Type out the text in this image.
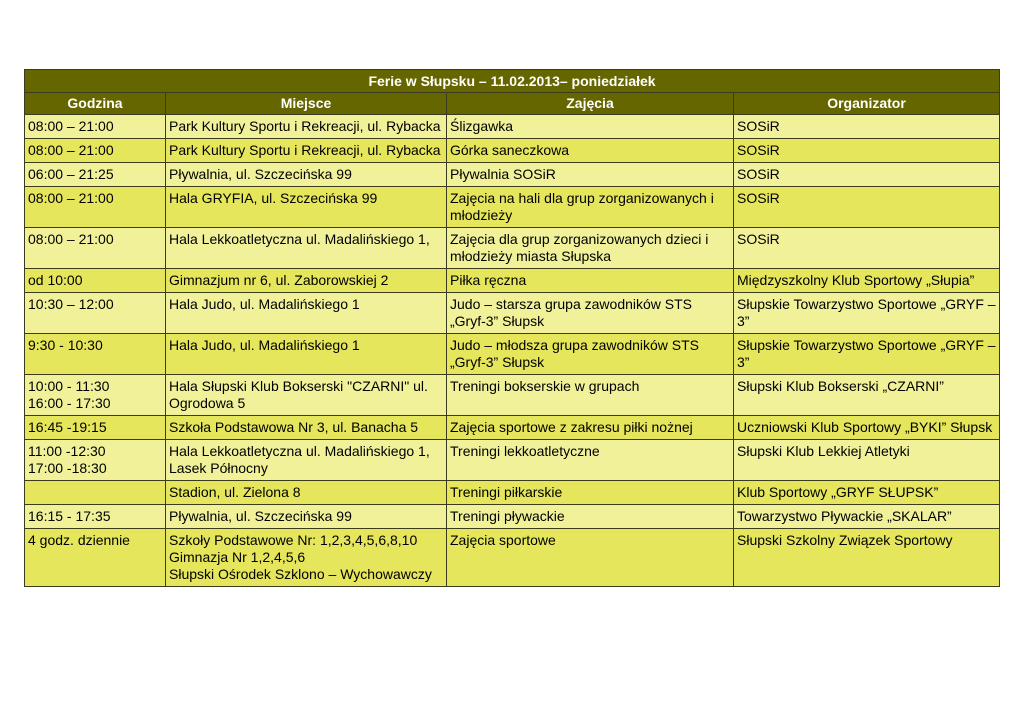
Ferie w Słupsku – 11.02.2013– poniedziałek			
Godzina	Miejsce	Zajęcia	Organizator

08:00 – 21:00	Park Kultury Sportu i Rekreacji, ul. Rybacka	Ślizgawka	SOSiR

08:00 – 21:00	Park Kultury Sportu i Rekreacji, ul. Rybacka	Górka saneczkowa	SOSiR

06:00 – 21:25	Pływalnia, ul. Szczecińska 99	Pływalnia SOSiR	SOSiR

08:00 – 21:00	Hala GRYFIA, ul. Szczecińska 99	Zajęcia na hali dla grup zorganizowanych i młodzieży	SOSiR

08:00 – 21:00	Hala Lekkoatletyczna ul. Madalińskiego 1,	Zajęcia dla grup zorganizowanych dzieci i młodzieży miasta Słupska	SOSiR

od 10:00	Gimnazjum nr 6, ul. Zaborowskiej 2	Piłka ręczna	Międzyszkolny Klub Sportowy „Słupia”

10:30 – 12:00	Hala Judo, ul. Madalińskiego 1	Judo – starsza grupa zawodników STS „Gryf-3” Słupsk	Słupskie Towarzystwo Sportowe „GRYF – 3”

9:30 - 10:30	Hala Judo, ul. Madalińskiego 1	Judo – młodsza grupa zawodników STS „Gryf-3” Słupsk	Słupskie Towarzystwo Sportowe „GRYF – 3”

10:00 - 11:30
16:00 - 17:30	Hala Słupski Klub Bokserski "CZARNI" ul. Ogrodowa 5	Treningi bokserskie w grupach	Słupski Klub Bokserski „CZARNI”

16:45 -19:15	Szkoła Podstawowa Nr 3, ul. Banacha 5	Zajęcia sportowe z zakresu piłki nożnej	Uczniowski Klub Sportowy „BYKI” Słupsk

11:00 -12:30
17:00 -18:30	Hala Lekkoatletyczna ul. Madalińskiego 1, Lasek Północny	Treningi lekkoatletyczne	Słupski Klub Lekkiej Atletyki

	Stadion, ul. Zielona 8	Treningi piłkarskie	Klub Sportowy „GRYF SŁUPSK”

16:15 - 17:35	Pływalnia, ul. Szczecińska 99	Treningi pływackie	Towarzystwo Pływackie „SKALAR”

4 godz. dziennie	Szkoły Podstawowe Nr: 1,2,3,4,5,6,8,10
Gimnazja Nr 1,2,4,5,6
Słupski Ośrodek Szklono – Wychowawczy	Zajęcia sportowe	Słupski Szkolny Związek Sportowy
